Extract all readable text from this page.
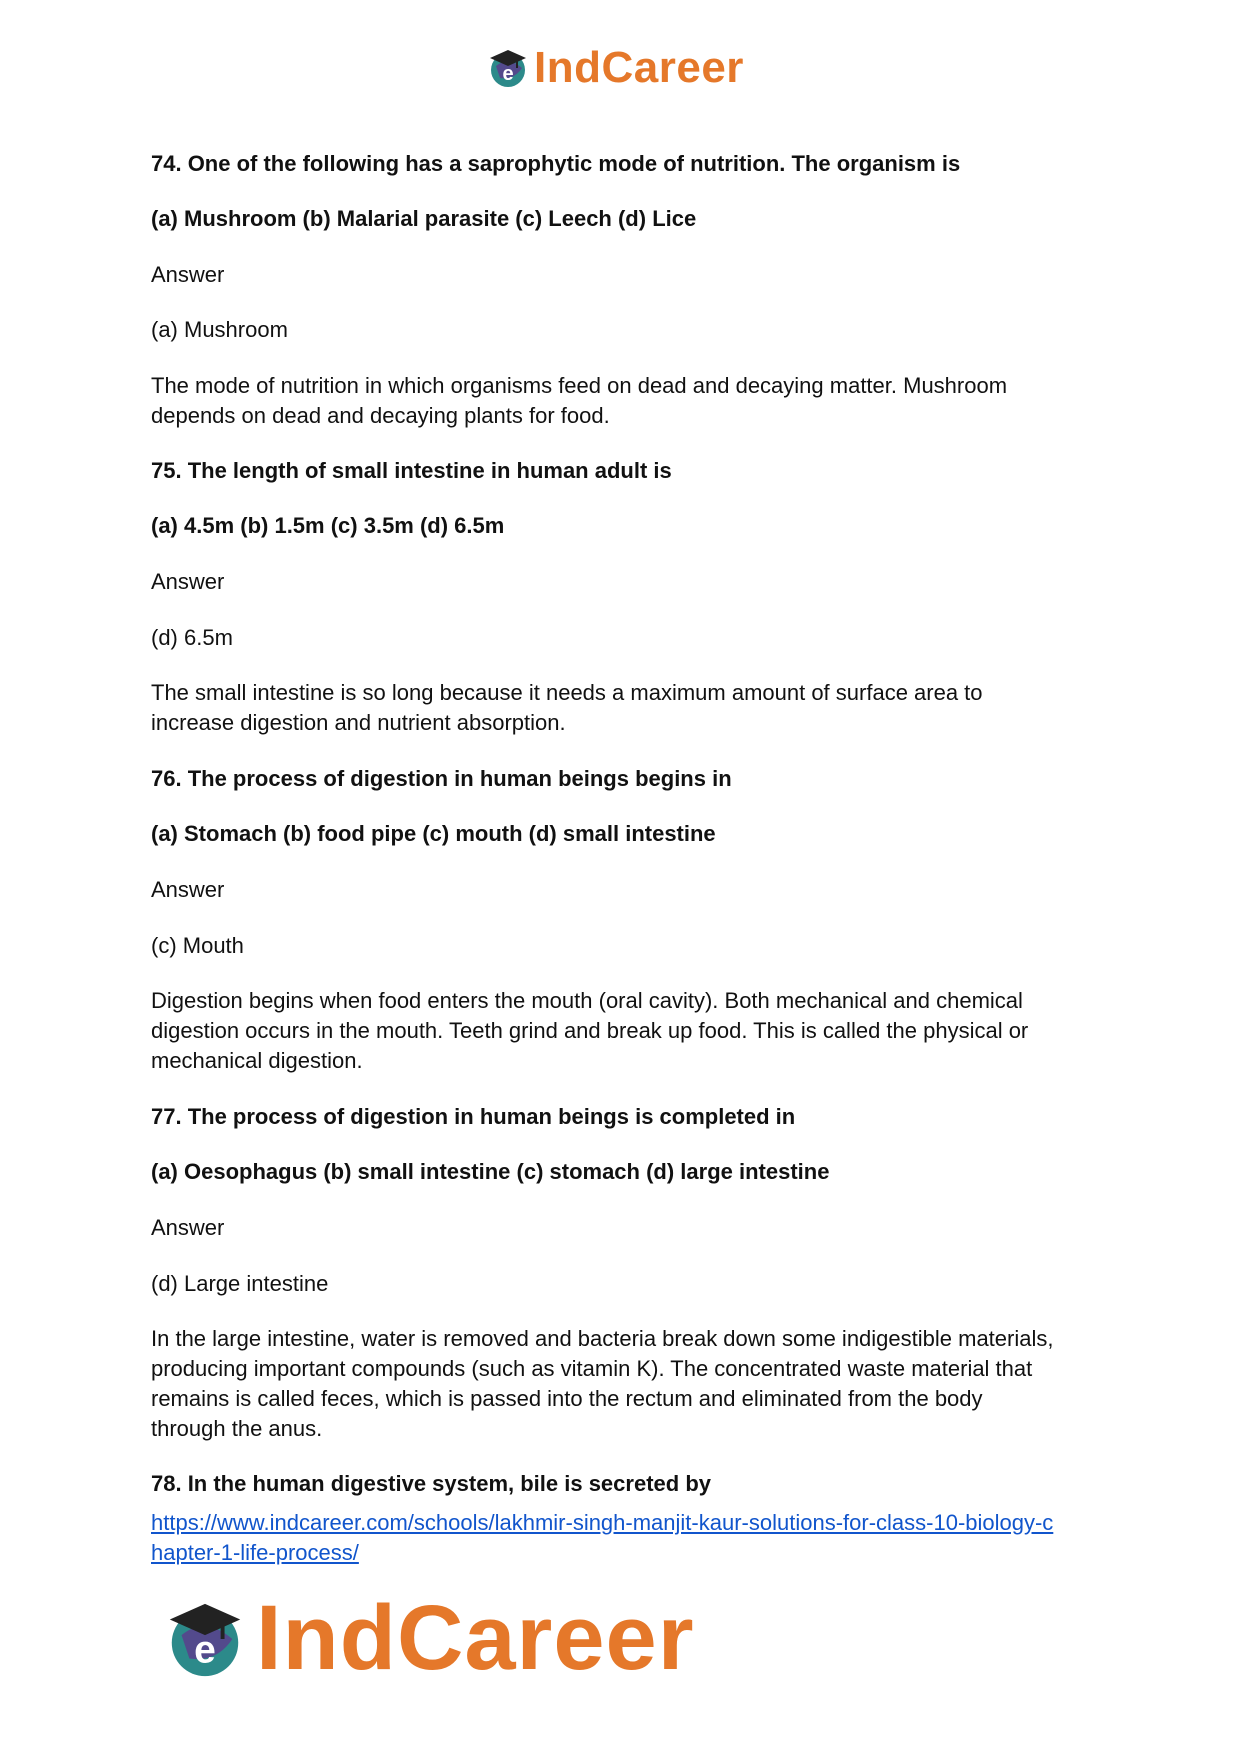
e IndCareer
74. One of the following has a saprophytic mode of nutrition. The organism is
(a) Mushroom (b) Malarial parasite (c) Leech (d) Lice
Answer
(a) Mushroom
The mode of nutrition in which organisms feed on dead and decaying matter. Mushroom
depends on dead and decaying plants for food.
75. The length of small intestine in human adult is
(a) 4.5m (b) 1.5m (c) 3.5m (d) 6.5m
Answer
(d) 6.5m
The small intestine is so long because it needs a maximum amount of surface area to
increase digestion and nutrient absorption.
76. The process of digestion in human beings begins in
(a) Stomach (b) food pipe (c) mouth (d) small intestine
Answer
(c) Mouth
Digestion begins when food enters the mouth (oral cavity). Both mechanical and chemical
digestion occurs in the mouth. Teeth grind and break up food. This is called the physical or
mechanical digestion.
77. The process of digestion in human beings is completed in
(a) Oesophagus (b) small intestine (c) stomach (d) large intestine
Answer
(d) Large intestine
In the large intestine, water is removed and bacteria break down some indigestible materials,
producing important compounds (such as vitamin K). The concentrated waste material that
remains is called feces, which is passed into the rectum and eliminated from the body
through the anus.
78. In the human digestive system, bile is secreted by
https://www.indcareer.com/schools/lakhmir-singh-manjit-kaur-solutions-for-class-10-biology-c
hapter-1-life-process/
e IndCareer
